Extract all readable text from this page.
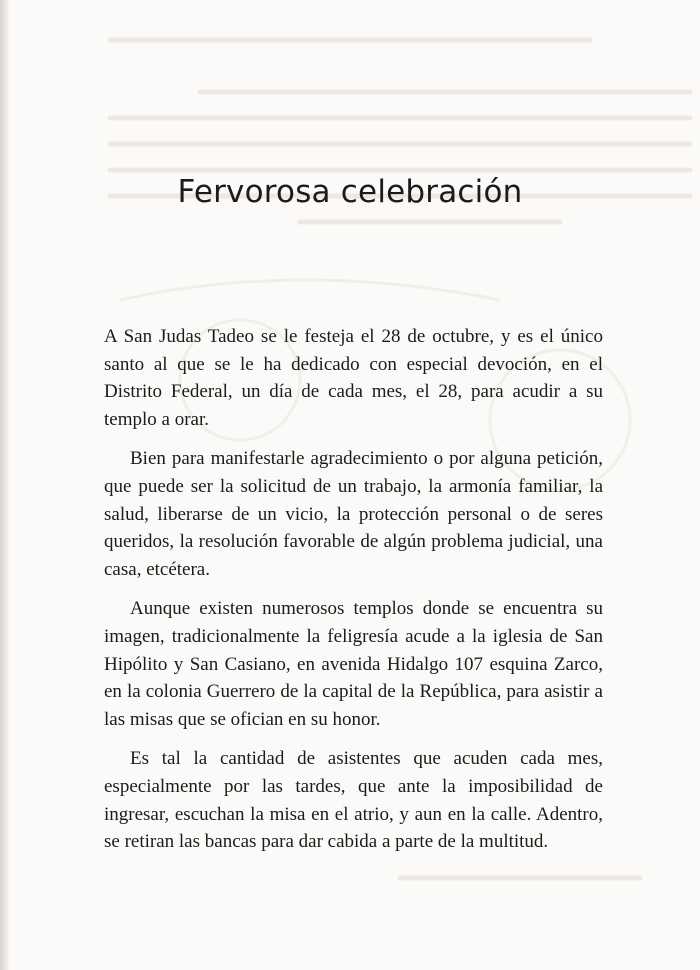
Fervorosa celebración

A San Judas Tadeo se le festeja el 28 de octubre, y es el único santo al que se le ha dedicado con especial devoción, en el Distrito Federal, un día de cada mes, el 28, para acudir a su templo a orar.

Bien para manifestarle agradecimiento o por alguna petición, que puede ser la solicitud de un trabajo, la armonía familiar, la salud, liberarse de un vicio, la protección personal o de seres queridos, la resolución favorable de algún problema judicial, una casa, etcétera.

Aunque existen numerosos templos donde se encuentra su imagen, tradicionalmente la feligresía acude a la iglesia de San Hipólito y San Casiano, en avenida Hidalgo 107 esquina Zarco, en la colonia Guerrero de la capital de la República, para asistir a las misas que se ofician en su honor.

Es tal la cantidad de asistentes que acuden cada mes, especialmente por las tardes, que ante la imposibilidad de ingresar, escuchan la misa en el atrio, y aun en la calle. Adentro, se retiran las bancas para dar cabida a parte de la multitud.
